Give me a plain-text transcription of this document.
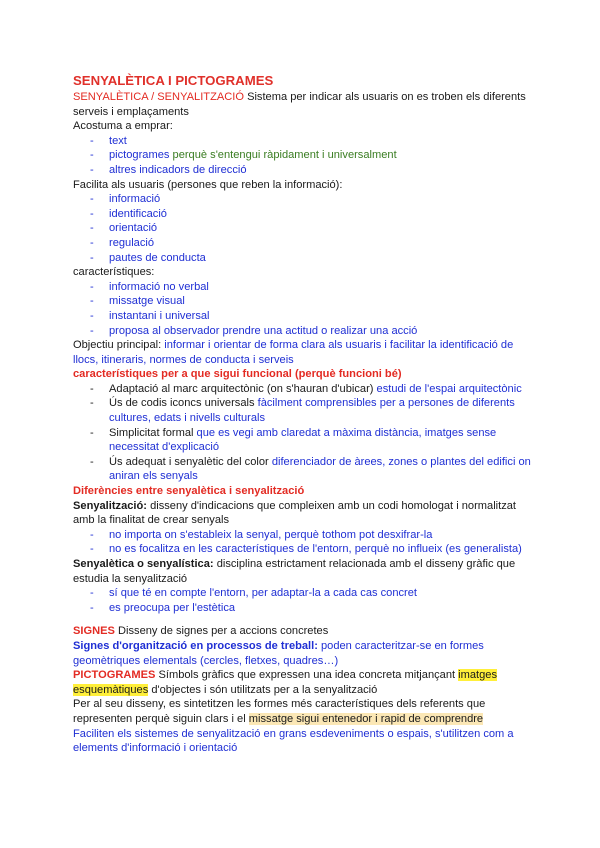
SENYALÈTICA I PICTOGRAMES

SENYALÈTICA / SENYALITZACIÓ Sistema per indicar als usuaris on es troben els diferents serveis i emplaçaments

Acostuma a emprar:

- text
- pictogrames perquè s'entengui ràpidament i universalment
- altres indicadors de direcció

Facilita als usuaris (persones que reben la informació):

- informació
- identificació
- orientació
- regulació
- pautes de conducta

característiques:

- informació no verbal
- missatge visual
- instantani i universal
- proposa al observador prendre una actitud o realizar una acció

Objectiu principal: informar i orientar de forma clara als usuaris i facilitar la identificació de llocs, itineraris, normes de conducta i serveis

característiques per a que sigui funcional (perquè funcioni bé)

- Adaptació al marc arquitectònic (on s'hauran d'ubicar) estudi de l'espai arquitectònic
- Ús de codis iconcs universals fàcilment comprensibles per a persones de diferents cultures, edats i nivells culturals
- Simplicitat formal que es vegi amb claredat a màxima distància, imatges sense necessitat d'explicació
- Ús adequat i senyalètic del color diferenciador de àrees, zones o plantes del edifici on aniran els senyals

Diferències entre senyalètica i senyalització

Senyalització: disseny d'indicacions que compleixen amb un codi homologat i normalitzat amb la finalitat de crear senyals

- no importa on s'estableix la senyal, perquè tothom pot desxifrar-la
- no es focalitza en les característiques de l'entorn, perquè no influeix (es generalista)

Senyalètica o senyalística: disciplina estrictament relacionada amb el disseny gràfic que estudia la senyalització

- sí que té en compte l'entorn, per adaptar-la a cada cas concret
- es preocupa per l'estètica

SIGNES Disseny de signes per a accions concretes

Signes d'organització en processos de treball: poden caracteritzar-se en formes geomètriques elementals (cercles, fletxes, quadres…)

PICTOGRAMES Símbols gràfics que expressen una idea concreta mitjançant imatges esquemàtiques d'objectes i són utilitzats per a la senyalització

Per al seu disseny, es sintetitzen les formes més característiques dels referents que representen perquè siguin clars i el missatge sigui entenedor i rapid de comprendre

Faciliten els sistemes de senyalització en grans esdeveniments o espais, s'utilitzen com a elements d'informació i orientació
